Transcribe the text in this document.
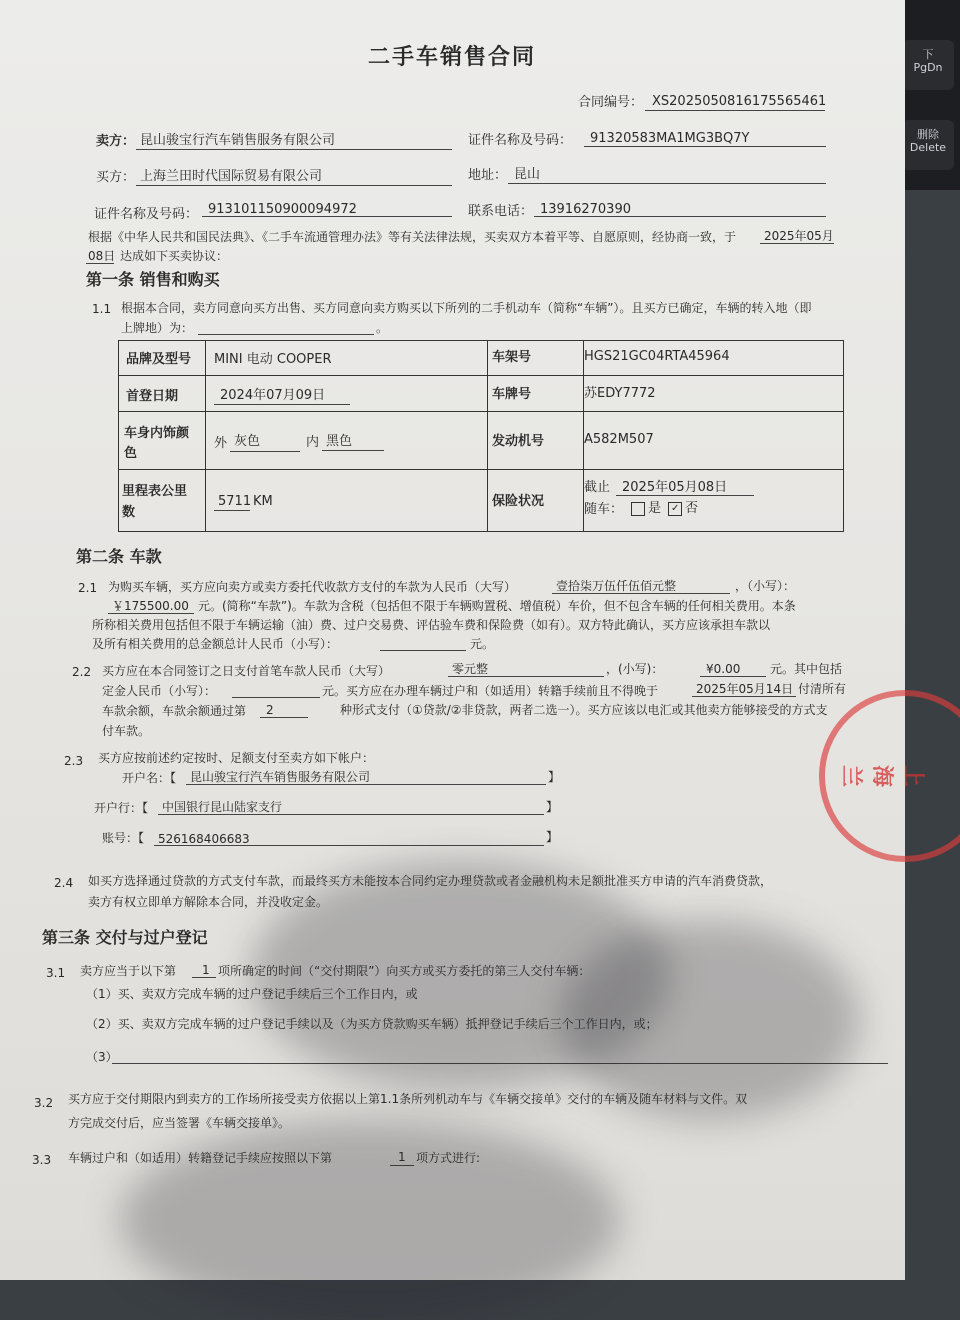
下
PgDn
删除
Delete
二手车销售合同
合同编号： XS2025050816175565461
卖方： 昆山骏宝行汽车销售服务有限公司	证件名称及号码： 91320583MA1MG3BQ7Y
买方： 上海兰田时代国际贸易有限公司	地址： 昆山
证件名称及号码： 913101150900094972	联系电话： 13916270390
根据《中华人民共和国民法典》、《二手车流通管理办法》等有关法律法规，买卖双方本着平等、自愿原则，经协商一致，于 2025年05月
08日 达成如下买卖协议：
第一条 销售和购买
1.1 根据本合同，卖方同意向买方出售、买方同意向卖方购买以下所列的二手机动车（简称“车辆”）。且买方已确定，车辆的转入地（即
上牌地）为：	。
品牌及型号 MINI 电动 COOPER	车架号	HGS21GC04RTA45964
首登日期	2024年07月09日	车牌号	苏EDY7772
车身内饰颜
色
外 灰色	内 黑色	发动机号	A582M507
里程表公里
数
5711 KM	保险状况
截止 2025年05月08日
随车：	是 ✓ 否
第二条 车款
2.1 为购买车辆，买方应向卖方或卖方委托代收款方支付的车款为人民币（大写）	壹拾柒万伍仟伍佰元整	，（小写）：
￥175500.00 元。(简称“车款”)。车款为含税（包括但不限于车辆购置税、增值税）车价，但不包含车辆的任何相关费用。本条
所称相关费用包括但不限于车辆运输（油）费、过户交易费、评估验车费和保险费（如有）。双方特此确认，买方应该承担车款以
及所有相关费用的总金额总计人民币（小写）：	元。
2.2 买方应在本合同签订之日支付首笔车款人民币（大写）	零元整	，(小写)：	¥0.00 元。其中包括
定金人民币（小写）：	元。买方应在办理车辆过户和（如适用）转籍手续前且不得晚于	2025年05月14日 付清所有
车款余额，车款余额通过第 2	种形式支付（①贷款/②非贷款，两者二选一）。买方应该以电汇或其他卖方能够接受的方式支
付车款。
2.3 买方应按前述约定按时、足额支付至卖方如下帐户：
开户名：【 昆山骏宝行汽车销售服务有限公司	】
开户行：【 中国银行昆山陆家支行	】
账号：【 526168406683	】
2.4 如买方选择通过贷款的方式支付车款，而最终买方未能按本合同约定办理贷款或者金融机构未足额批准买方申请的汽车消费贷款，
卖方有权立即单方解除本合同，并没收定金。
第三条 交付与过户登记
3.1 卖方应当于以下第 1 项所确定的时间（“交付期限”）向买方或买方委托的第三人交付车辆：
（1）买、卖双方完成车辆的过户登记手续后三个工作日内，或
（2）买、卖双方完成车辆的过户登记手续以及（为买方贷款购买车辆）抵押登记手续后三个工作日内，或；
（3）
3.2 买方应于交付期限内到卖方的工作场所接受卖方依据以上第1.1条所列机动车与《车辆交接单》交付的车辆及随车材料与文件。双
方完成交付后，应当签署《车辆交接单》。
3.3 车辆过户和（如适用）转籍登记手续应按照以下第	1 项方式进行:
上海兰
